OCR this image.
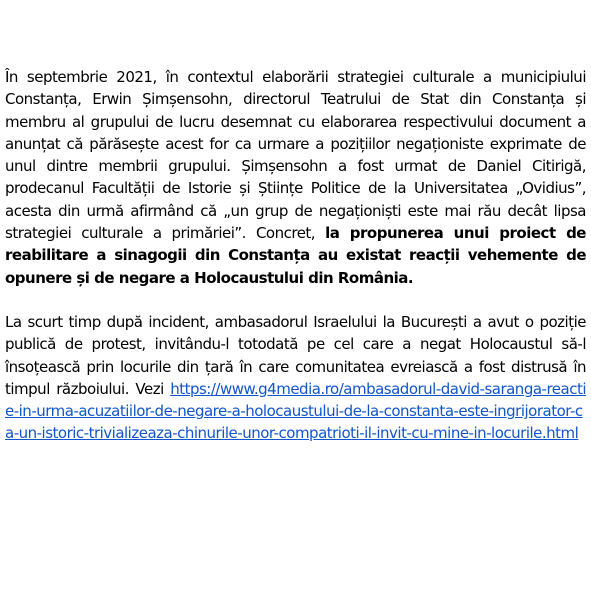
În septembrie 2021, în contextul elaborării strategiei culturale a municipiului Constanța, Erwin Șimșensohn, directorul Teatrului de Stat din Constanța și membru al grupului de lucru desemnat cu elaborarea respectivului document a anunțat că părăsește acest for ca urmare a pozițiilor negaționiste exprimate de unul dintre membrii grupului. Șimșensohn a fost urmat de Daniel Citirigă, prodecanul Facultății de Istorie și Științe Politice de la Universitatea „Ovidius”, acesta din urmă afirmând că „un grup de negaționiști este mai rău decât lipsa strategiei culturale a primăriei”. Concret, la propunerea unui proiect de reabilitare a sinagogii din Constanța au existat reacții vehemente de opunere și de negare a Holocaustului din România.

La scurt timp după incident, ambasadorul Israelului la București a avut o poziție publică de protest, invitându-l totodată pe cel care a negat Holocaustul să-l însoțească prin locurile din țară în care comunitatea evreiască a fost distrusă în timpul războiului. Vezi https://www.g4media.ro/ambasadorul-david-saranga-reactie-in-urma-acuzatiilor-de-negare-a-holocaustului-de-la-constanta-este-ingrijorator-ca-un-istoric-trivializeaza-chinurile-unor-compatrioti-il-invit-cu-mine-in-locurile.html
